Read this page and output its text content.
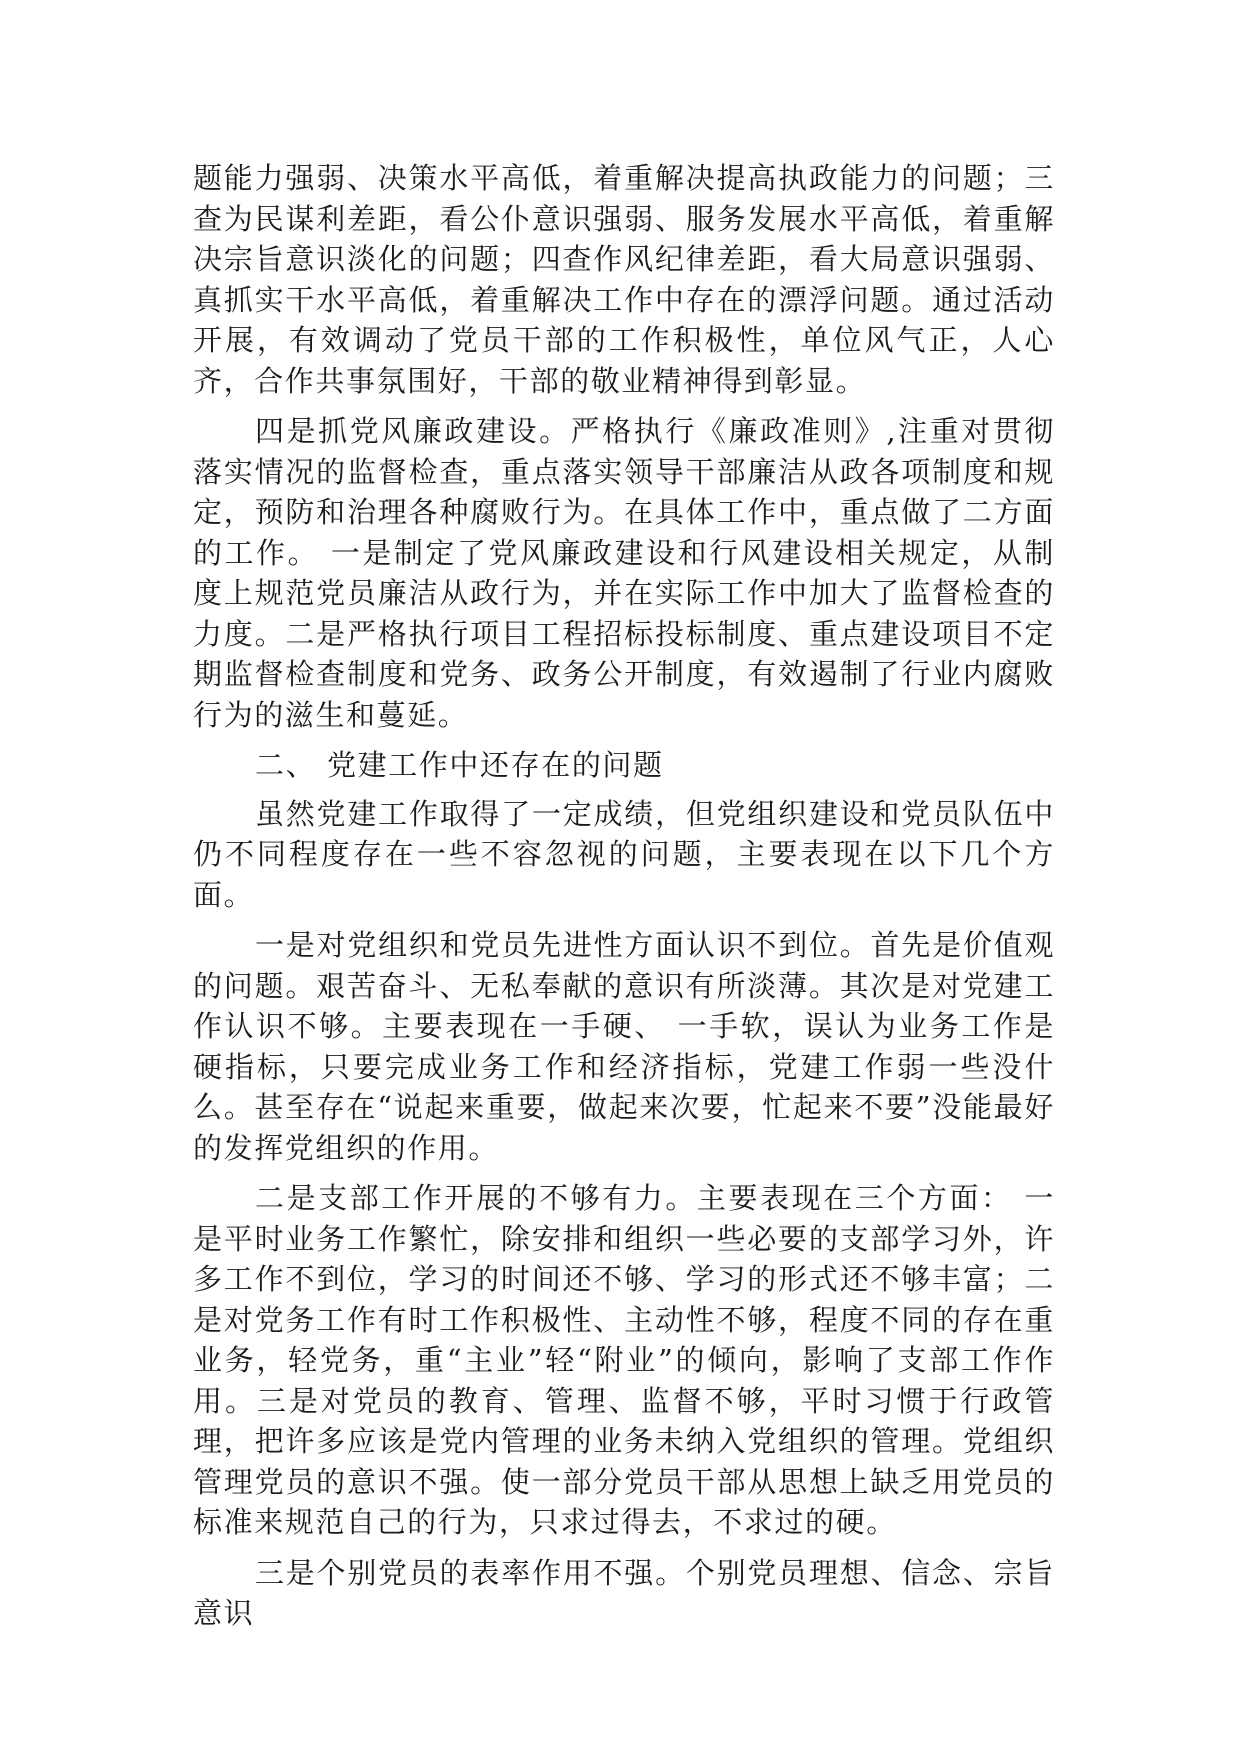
题能力强弱、决策水平高低，着重解决提高执政能力的问题；三查为民谋利差距，看公仆意识强弱、服务发展水平高低，着重解决宗旨意识淡化的问题；四查作风纪律差距，看大局意识强弱、真抓实干水平高低，着重解决工作中存在的漂浮问题。通过活动开展，有效调动了党员干部的工作积极性，单位风气正，人心齐，合作共事氛围好，干部的敬业精神得到彰显。

四是抓党风廉政建设。严格执行《廉政准则》,注重对贯彻落实情况的监督检查，重点落实领导干部廉洁从政各项制度和规定，预防和治理各种腐败行为。在具体工作中，重点做了二方面的工作。 一是制定了党风廉政建设和行风建设相关规定，从制度上规范党员廉洁从政行为，并在实际工作中加大了监督检查的力度。二是严格执行项目工程招标投标制度、重点建设项目不定期监督检查制度和党务、政务公开制度，有效遏制了行业内腐败行为的滋生和蔓延。

二、 党建工作中还存在的问题

虽然党建工作取得了一定成绩，但党组织建设和党员队伍中仍不同程度存在一些不容忽视的问题，主要表现在以下几个方面。

一是对党组织和党员先进性方面认识不到位。首先是价值观的问题。艰苦奋斗、无私奉献的意识有所淡薄。其次是对党建工作认识不够。主要表现在一手硬、 一手软，误认为业务工作是硬指标，只要完成业务工作和经济指标，党建工作弱一些没什么。甚至存在“说起来重要，做起来次要，忙起来不要”没能最好的发挥党组织的作用。

二是支部工作开展的不够有力。主要表现在三个方面： 一是平时业务工作繁忙，除安排和组织一些必要的支部学习外，许多工作不到位，学习的时间还不够、学习的形式还不够丰富；二是对党务工作有时工作积极性、主动性不够，程度不同的存在重业务，轻党务，重“主业”轻“附业”的倾向，影响了支部工作作用。三是对党员的教育、管理、监督不够，平时习惯于行政管理，把许多应该是党内管理的业务未纳入党组织的管理。党组织管理党员的意识不强。使一部分党员干部从思想上缺乏用党员的标准来规范自己的行为，只求过得去，不求过的硬。

三是个别党员的表率作用不强。个别党员理想、信念、宗旨意识
